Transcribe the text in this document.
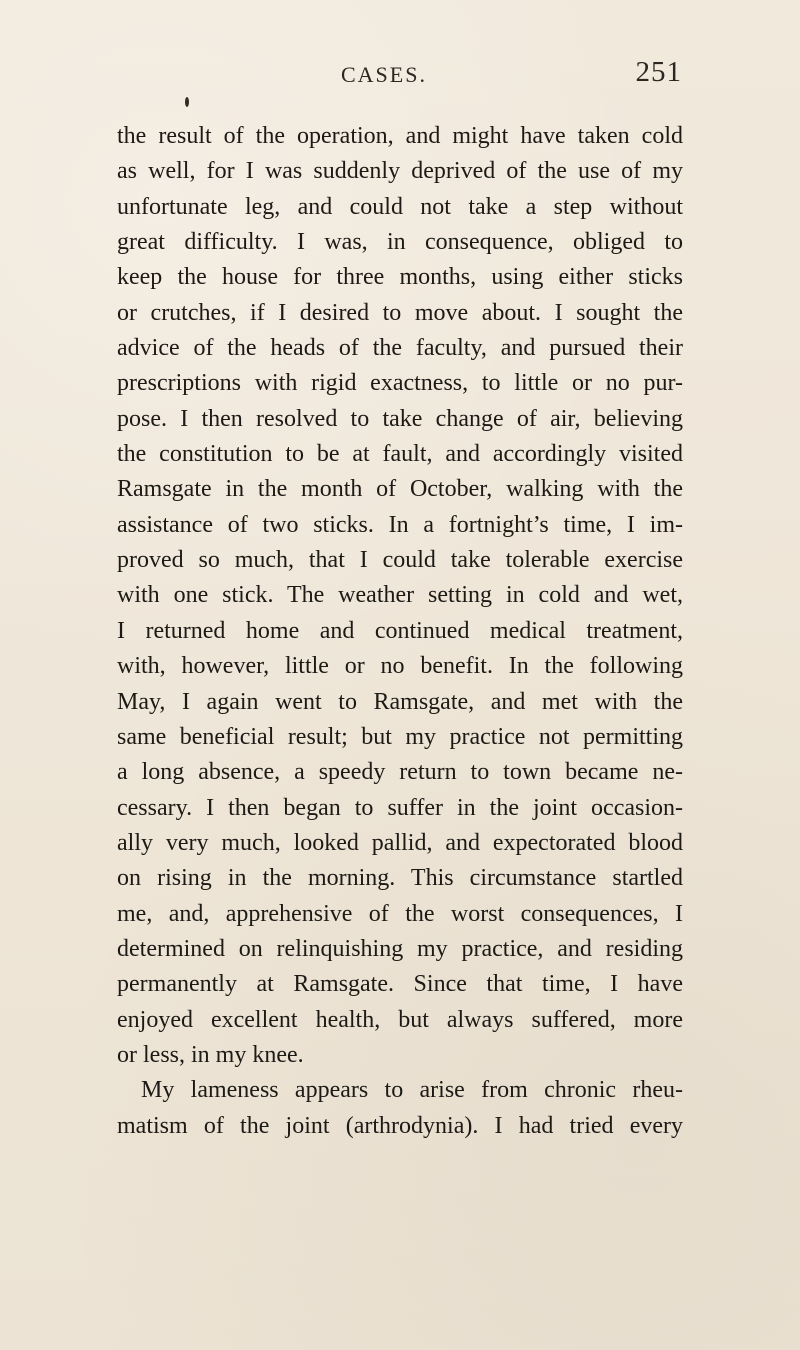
CASES.	251
the result of the operation, and might have taken cold
as well, for I was suddenly deprived of the use of my
unfortunate leg, and could not take a step without
great difficulty. I was, in consequence, obliged to
keep the house for three months, using either sticks
or crutches, if I desired to move about. I sought the
advice of the heads of the faculty, and pursued their
prescriptions with rigid exactness, to little or no pur-
pose. I then resolved to take change of air, believing
the constitution to be at fault, and accordingly visited
Ramsgate in the month of October, walking with the
assistance of two sticks. In a fortnight’s time, I im-
proved so much, that I could take tolerable exercise
with one stick. The weather setting in cold and wet,
I returned home and continued medical treatment,
with, however, little or no benefit. In the following
May, I again went to Ramsgate, and met with the
same beneficial result; but my practice not permitting
a long absence, a speedy return to town became ne-
cessary. I then began to suffer in the joint occasion-
ally very much, looked pallid, and expectorated blood
on rising in the morning. This circumstance startled
me, and, apprehensive of the worst consequences, I
determined on relinquishing my practice, and residing
permanently at Ramsgate. Since that time, I have
enjoyed excellent health, but always suffered, more
or less, in my knee.
My lameness appears to arise from chronic rheu-
matism of the joint (arthrodynia). I had tried every
